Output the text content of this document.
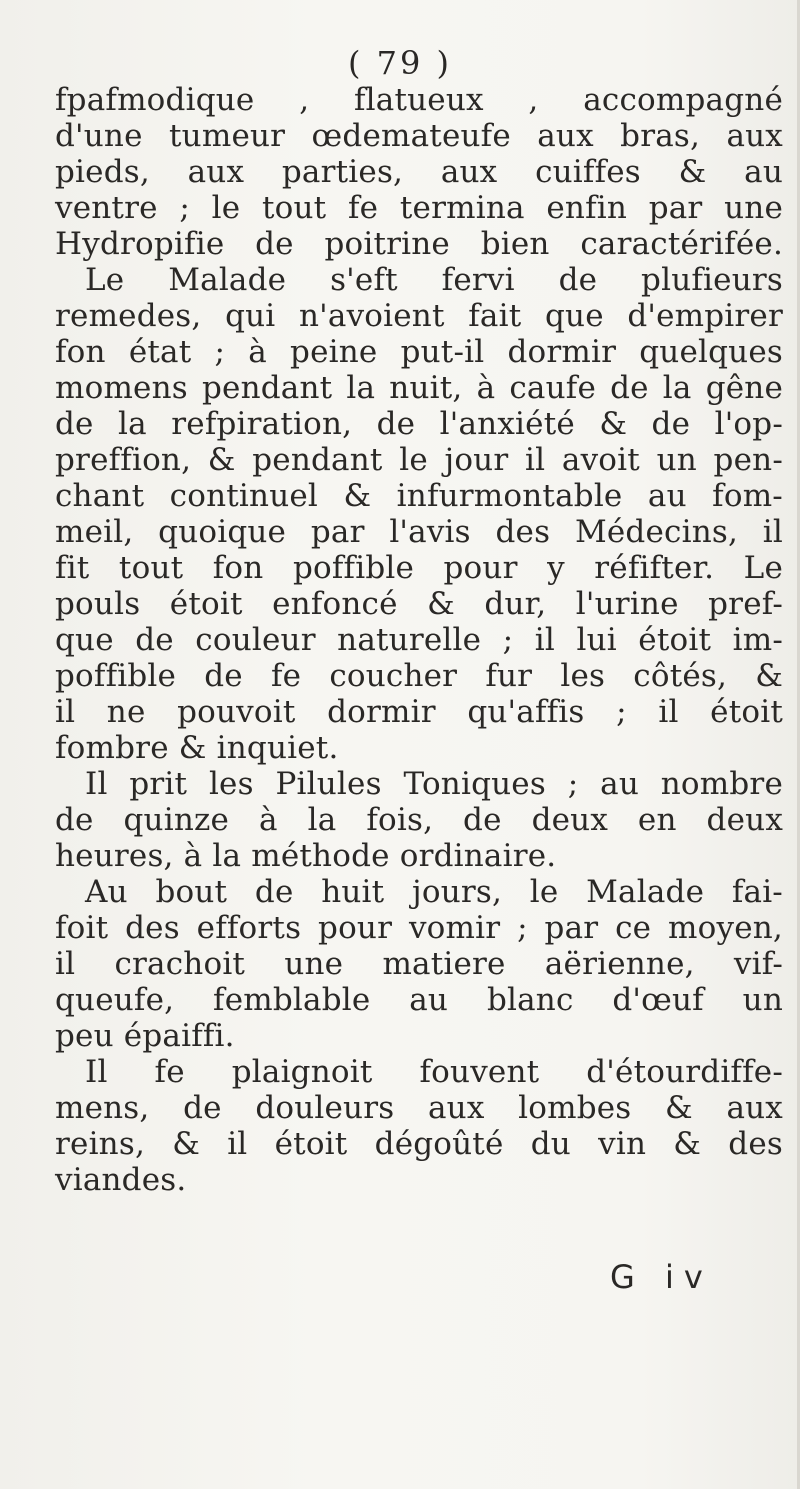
( 79 )
fpafmodique , flatueux , accompagné
d'une tumeur œdemateufe aux bras, aux
pieds, aux parties, aux cuiffes & au
ventre ; le tout fe termina enfin par une
Hydropifie de poitrine bien caractérifée.
Le Malade s'eft fervi de plufieurs
remedes, qui n'avoient fait que d'empirer
fon état ; à peine put-il dormir quelques
momens pendant la nuit, à caufe de la gêne
de la refpiration, de l'anxiété & de l'op-
preffion, & pendant le jour il avoit un pen-
chant continuel & infurmontable au fom-
meil, quoique par l'avis des Médecins, il
fit tout fon poffible pour y réfifter. Le
pouls étoit enfoncé & dur, l'urine pref-
que de couleur naturelle ; il lui étoit im-
poffible de fe coucher fur les côtés, &
il ne pouvoit dormir qu'affis ; il étoit
fombre & inquiet.
Il prit les Pilules Toniques ; au nombre
de quinze à la fois, de deux en deux
heures, à la méthode ordinaire.
Au bout de huit jours, le Malade fai-
foit des efforts pour vomir ; par ce moyen,
il crachoit une matiere aërienne, vif-
queufe, femblable au blanc d'œuf un
peu épaiffi.
Il fe plaignoit fouvent d'étourdiffe-
mens, de douleurs aux lombes & aux
reins, & il étoit dégoûté du vin & des
viandes.
G iv
